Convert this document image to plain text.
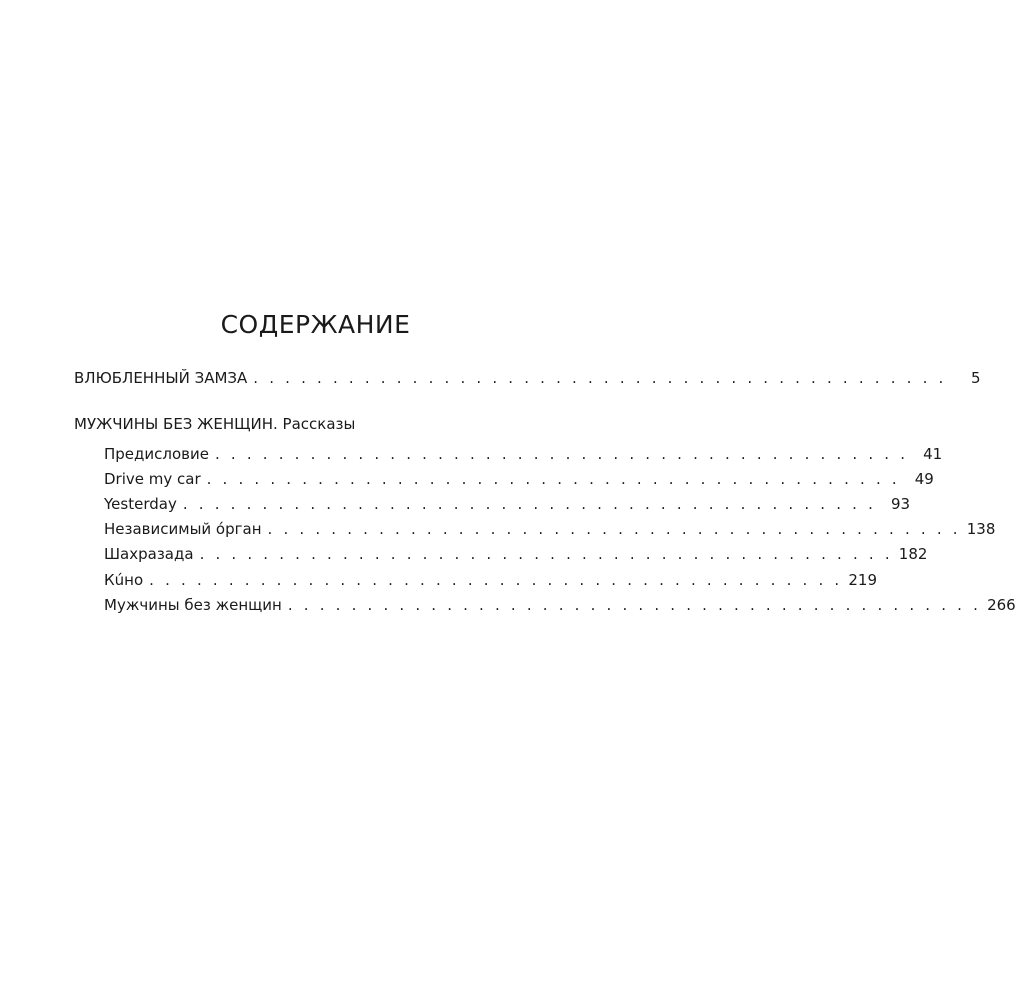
СОДЕРЖАНИЕ
ВЛЮБЛЕННЫЙ ЗАМЗА . . . . . . . . . . . . . . . . . . . . . . . . . . . . . . . . . . . . . . . . . . . .	5
МУЖЧИНЫ БЕЗ ЖЕНЩИН. Рассказы
Предисловие . . . . . . . . . . . . . . . . . . . . . . . . . . . . . . . . . . . . . . . . . . . . 41
Drive my car . . . . . . . . . . . . . . . . . . . . . . . . . . . . . . . . . . . . . . . . . . . . 49
Yesterday . . . . . . . . . . . . . . . . . . . . . . . . . . . . . . . . . . . . . . . . . . . . 93
Независимый óрган . . . . . . . . . . . . . . . . . . . . . . . . . . . . . . . . . . . . . . . . . . . . 138
Шахразада . . . . . . . . . . . . . . . . . . . . . . . . . . . . . . . . . . . . . . . . . . . . 182
Кúно . . . . . . . . . . . . . . . . . . . . . . . . . . . . . . . . . . . . . . . . . . . . 219
Мужчины без женщин . . . . . . . . . . . . . . . . . . . . . . . . . . . . . . . . . . . . . . . . . . . . 266
